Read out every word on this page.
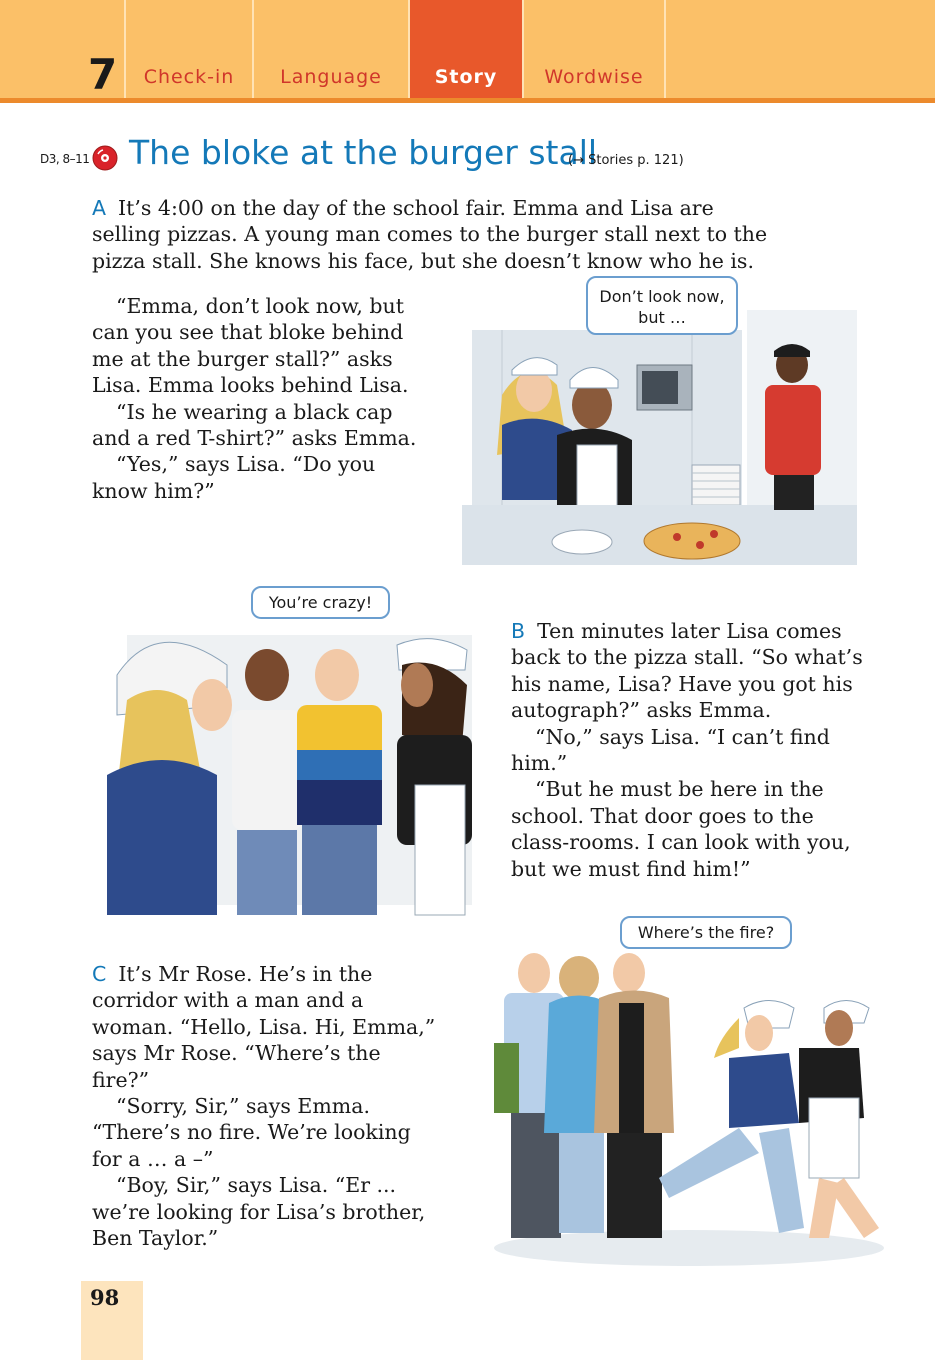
7	Check-in	Language	Story	Wordwise
D3, 8–11 The bloke at the burger stall
(→ Stories p. 121)

A It’s 4:00 on the day of the school fair. Emma and Lisa are selling pizzas. A young man comes to the burger stall next to the pizza stall. She knows his face, but she doesn’t know who he is.

“Emma, don’t look now, but can you see that bloke behind me at the burger stall?” asks Lisa. Emma looks behind Lisa.

“Is he wearing a black cap and a red T-shirt?” asks Emma.

“Yes,” says Lisa. “Do you know him?”

Don’t look now, but …
You’re crazy!

B Ten minutes later Lisa comes back to the pizza stall. “So what’s his name, Lisa? Have you got his autograph?” asks Emma.

“No,” says Lisa. “I can’t find him.”

“But he must be here in the school. That door goes to the class-rooms. I can look with you, but we must find him!”

C It’s Mr Rose. He’s in the corridor with a man and a woman. “Hello, Lisa. Hi, Emma,” says Mr Rose. “Where’s the fire?”

“Sorry, Sir,” says Emma. “There’s no fire. We’re looking for a … a –”

“Boy, Sir,” says Lisa. “Er ... we’re looking for Lisa’s brother, Ben Taylor.”

Where’s the fire?
98
